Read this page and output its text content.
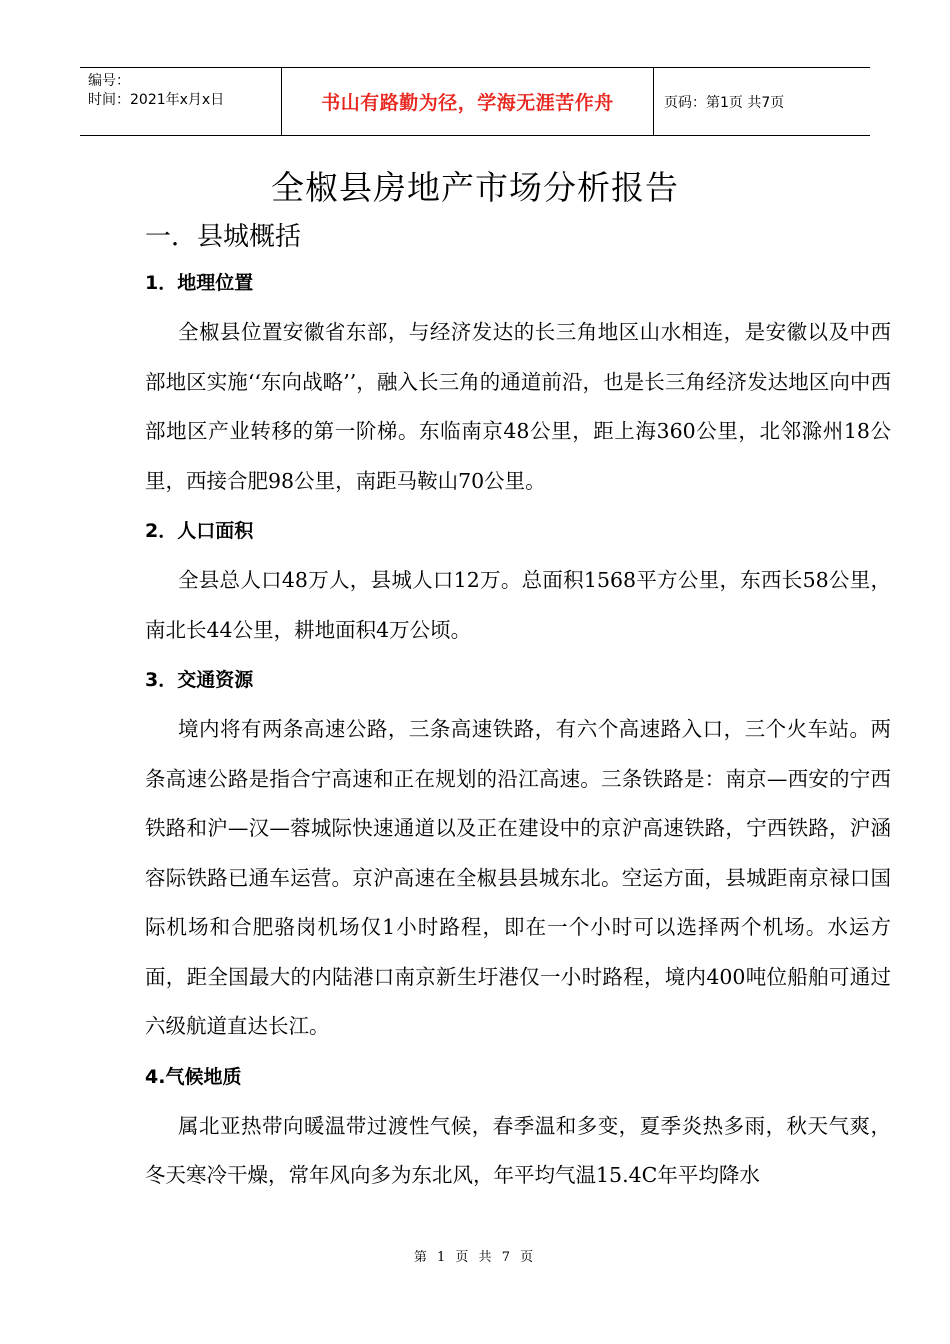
编号：
时间：2021年x月x日	书山有路勤为径，学海无涯苦作舟	页码：第1页 共7页
全椒县房地产市场分析报告
一．县城概括
1．地理位置

全椒县位置安徽省东部，与经济发达的长三角地区山水相连，是安徽以及中西部地区实施‘‘东向战略’’，融入长三角的通道前沿，也是长三角经济发达地区向中西部地区产业转移的第一阶梯。东临南京48公里，距上海360公里，北邻滁州18公里，西接合肥98公里，南距马鞍山70公里。

2．人口面积

全县总人口48万人，县城人口12万。总面积1568平方公里，东西长58公里，南北长44公里，耕地面积4万公顷。

3．交通资源

境内将有两条高速公路，三条高速铁路，有六个高速路入口，三个火车站。两条高速公路是指合宁高速和正在规划的沿江高速。三条铁路是：南京—西安的宁西铁路和沪—汉—蓉城际快速通道以及正在建设中的京沪高速铁路，宁西铁路，沪涵容际铁路已通车运营。京沪高速在全椒县县城东北。空运方面，县城距南京禄口国际机场和合肥骆岗机场仅1小时路程，即在一个小时可以选择两个机场。水运方面，距全国最大的内陆港口南京新生圩港仅一小时路程，境内400吨位船舶可通过六级航道直达长江。

4.气候地质

属北亚热带向暖温带过渡性气候，春季温和多变，夏季炎热多雨，秋天气爽，冬天寒冷干燥，常年风向多为东北风，年平均气温15.4C年平均降水

第 1 页 共 7 页
